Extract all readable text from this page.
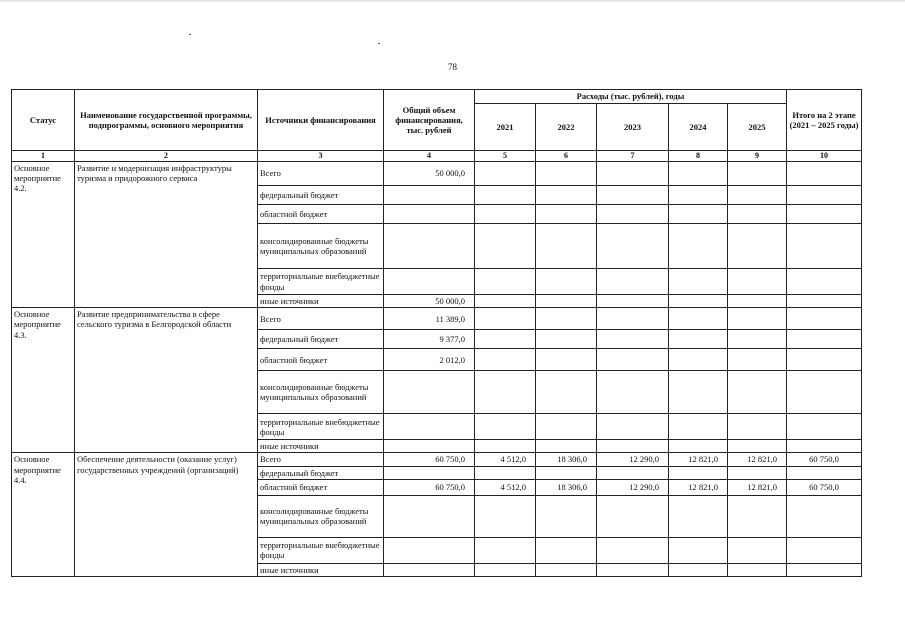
78
Статус	Наименование государственной программы, подпрограммы, основного мероприятия	Источники финансирования	Общий объем финансирования, тыс. рублей	Расходы (тыс. рублей), годы					Итого на 2 этапе (2021 – 2025 годы)
				2021	2022	2023	2024	2025	
1	2	3	4	5	6	7	8	9	10
Основное мероприятие 4.2.	Развитие и модернизация инфраструктуры туризма и придорожного сервиса	Всего	50 000,0						
		федеральный бюджет							
		областной бюджет							
		консолидированные бюджеты муниципальных образований							
		территориальные внебюджетные фонды							
		иные источники	50 000,0						
Основное мероприятие 4.3.	Развитие предпринимательства в сфере сельского туризма в Белгородской области	Всего	11 389,0						
		федеральный бюджет	9 377,0						
		областной бюджет	2 012,0						
		консолидированные бюджеты муниципальных образований							
		территориальные внебюджетные фонды							
		иные источники							
Основное мероприятие 4.4.	Обеспечение деятельности (оказание услуг) государственных учреждений (организаций)	Всего	60 750,0	4 512,0	18 306,0	12 290,0	12 821,0	12 821,0	60 750,0
		федеральный бюджет							
		областной бюджет	60 750,0	4 512,0	18 306,0	12 290,0	12 821,0	12 821,0	60 750,0
		консолидированные бюджеты муниципальных образований							
		территориальные внебюджетные фонды							
		иные источники							
